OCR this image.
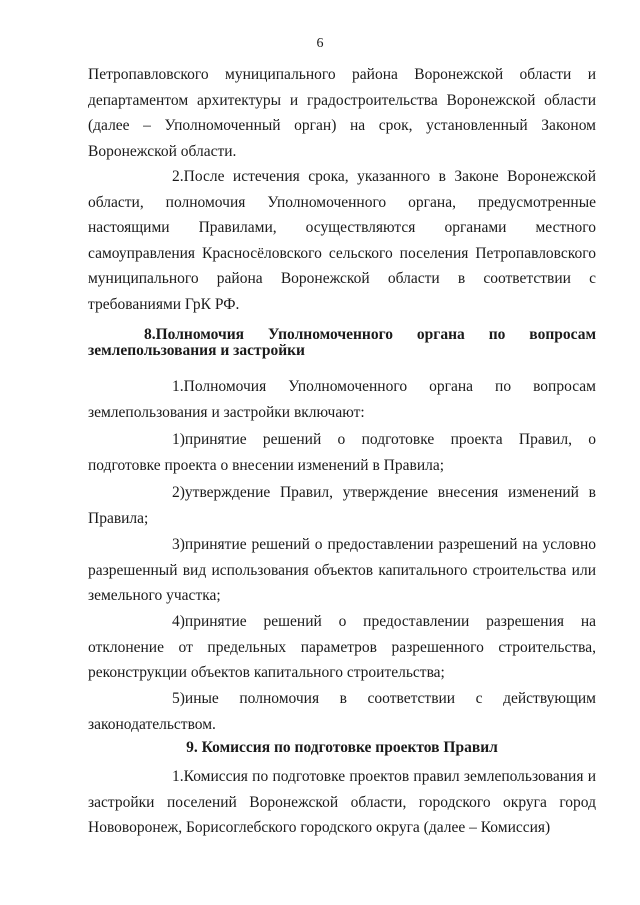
6

Петропавловского муниципального района Воронежской области и департаментом архитектуры и градостроительства Воронежской области (далее – Уполномоченный орган) на срок, установленный Законом Воронежской области.

2.После истечения срока, указанного в Законе Воронежской области, полномочия Уполномоченного органа, предусмотренные настоящими Правилами, осуществляются органами местного самоуправления Красносёловского сельского поселения Петропавловского муниципального района Воронежской области в соответствии с требованиями ГрК РФ.

8.Полномочия Уполномоченного органа по вопросам землепользования и застройки

1.Полномочия Уполномоченного органа по вопросам землепользования и застройки включают:

1)принятие решений о подготовке проекта Правил, о подготовке проекта о внесении изменений в Правила;

2)утверждение Правил, утверждение внесения изменений в Правила;

3)принятие решений о предоставлении разрешений на условно разрешенный вид использования объектов капитального строительства или земельного участка;

4)принятие решений о предоставлении разрешения на отклонение от предельных параметров разрешенного строительства, реконструкции объектов капитального строительства;

5)иные полномочия в соответствии с действующим законодательством.

9. Комиссия по подготовке проектов Правил

1.Комиссия по подготовке проектов правил землепользования и застройки поселений Воронежской области, городского округа город Нововоронеж, Борисоглебского городского округа (далее – Комиссия)
